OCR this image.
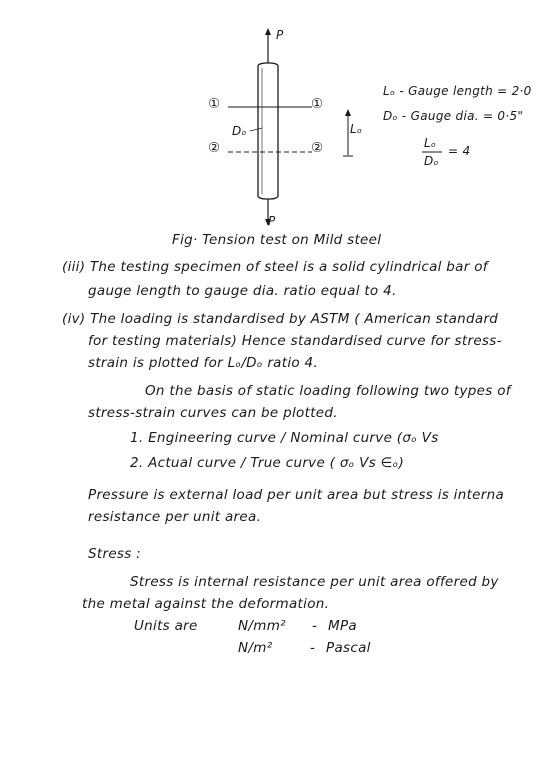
P
P
①	①
②	②
Dₒ	Lₒ
Lₒ - Gauge length = 2·0
Dₒ - Gauge dia. = 0·5"
Lₒ
Dₒ
= 4
Fig· Tension test on Mild steel
(iii) The testing specimen of steel is a solid cylindrical bar of
gauge length to gauge dia. ratio equal to 4.
(iv) The loading is standardised by ASTM ( American standard
for testing materials) Hence standardised curve for stress-
strain is plotted for Lₒ/Dₒ ratio 4.
On the basis of static loading following two types of
stress-strain curves can be plotted.
1. Engineering curve / Nominal curve (σₒ Vs
2. Actual curve / True curve ( σₒ Vs ∈ₒ)
Pressure is external load per unit area but stress is interna
resistance per unit area.
Stress :
Stress is internal resistance per unit area offered by
the metal against the deformation.
Units are	N/mm² - MPa
N/m²	- Pascal
